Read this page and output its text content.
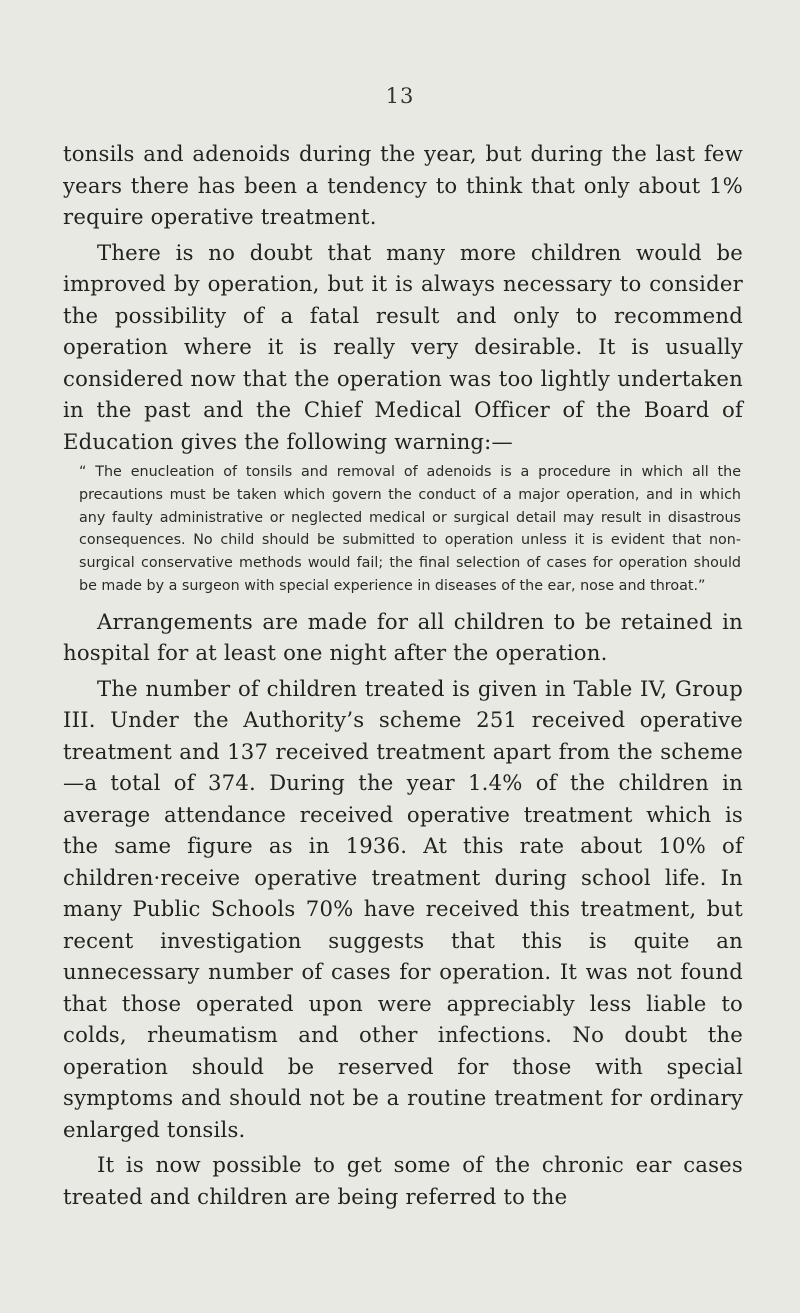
13

tonsils and adenoids during the year, but during the last few years there has been a tendency to think that only about 1% require operative treatment.

There is no doubt that many more children would be improved by operation, but it is always necessary to consider the possibility of a fatal result and only to recommend operation where it is really very desirable. It is usually considered now that the operation was too lightly undertaken in the past and the Chief Medical Officer of the Board of Education gives the following warning:—

“ The enucleation of tonsils and removal of adenoids is a procedure in which all the precautions must be taken which govern the conduct of a major operation, and in which any faulty administrative or neglected medical or surgical detail may result in disastrous consequences. No child should be submitted to operation unless it is evident that non-surgical conservative methods would fail; the final selection of cases for operation should be made by a surgeon with special experience in diseases of the ear, nose and throat.”

Arrangements are made for all children to be retained in hospital for at least one night after the operation.

The number of children treated is given in Table IV, Group III. Under the Authority’s scheme 251 received operative treatment and 137 received treatment apart from the scheme—a total of 374. During the year 1.4% of the children in average attendance received operative treatment which is the same figure as in 1936. At this rate about 10% of children·receive operative treatment during school life. In many Public Schools 70% have received this treatment, but recent investigation suggests that this is quite an unnecessary number of cases for operation. It was not found that those operated upon were appreciably less liable to colds, rheumatism and other infections. No doubt the operation should be reserved for those with special symptoms and should not be a routine treatment for ordinary enlarged tonsils.

It is now possible to get some of the chronic ear cases treated and children are being referred to the
